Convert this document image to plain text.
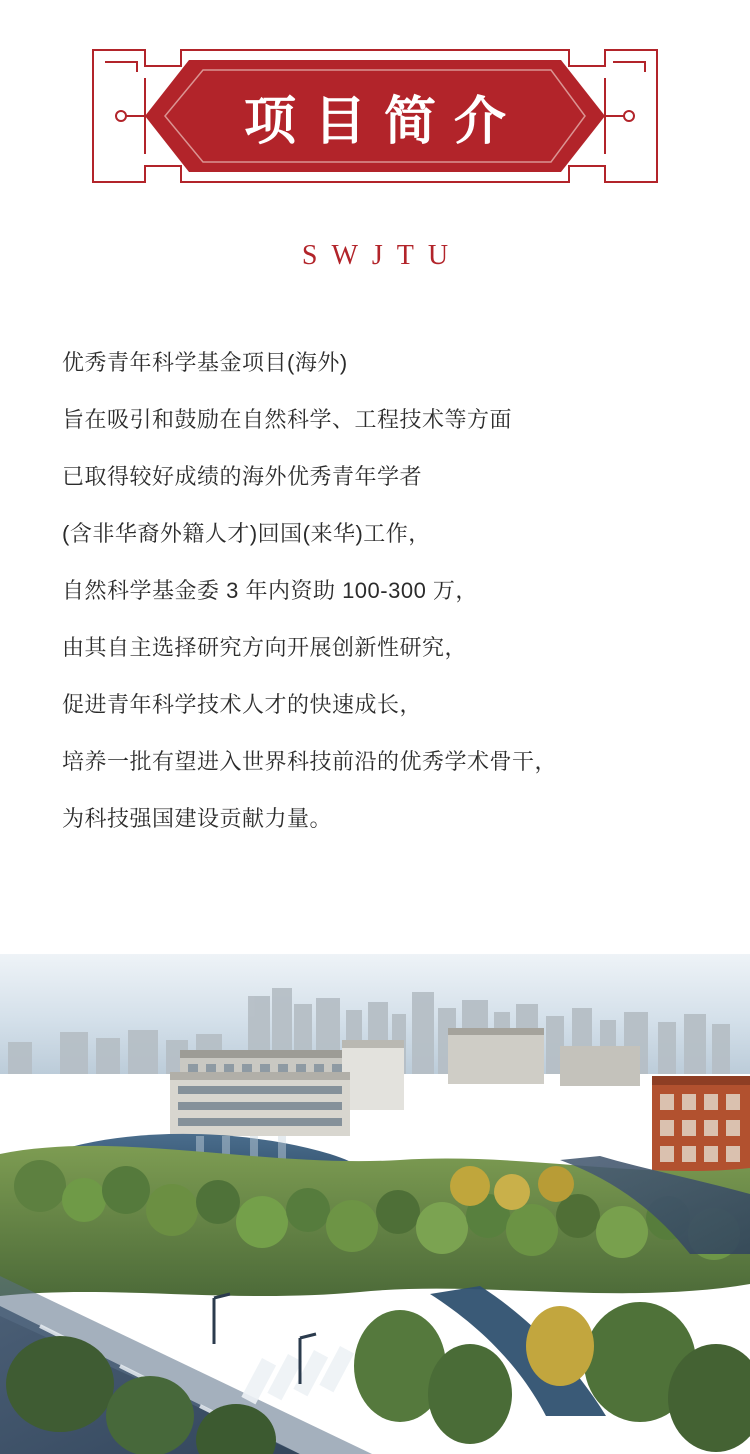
项目简介
SWJTU

优秀青年科学基金项目(海外)

旨在吸引和鼓励在自然科学、工程技术等方面

已取得较好成绩的海外优秀青年学者

(含非华裔外籍人才)回国(来华)工作，

自然科学基金委 3 年内资助 100-300 万，

由其自主选择研究方向开展创新性研究，

促进青年科学技术人才的快速成长，

培养一批有望进入世界科技前沿的优秀学术骨干，

为科技强国建设贡献力量。
